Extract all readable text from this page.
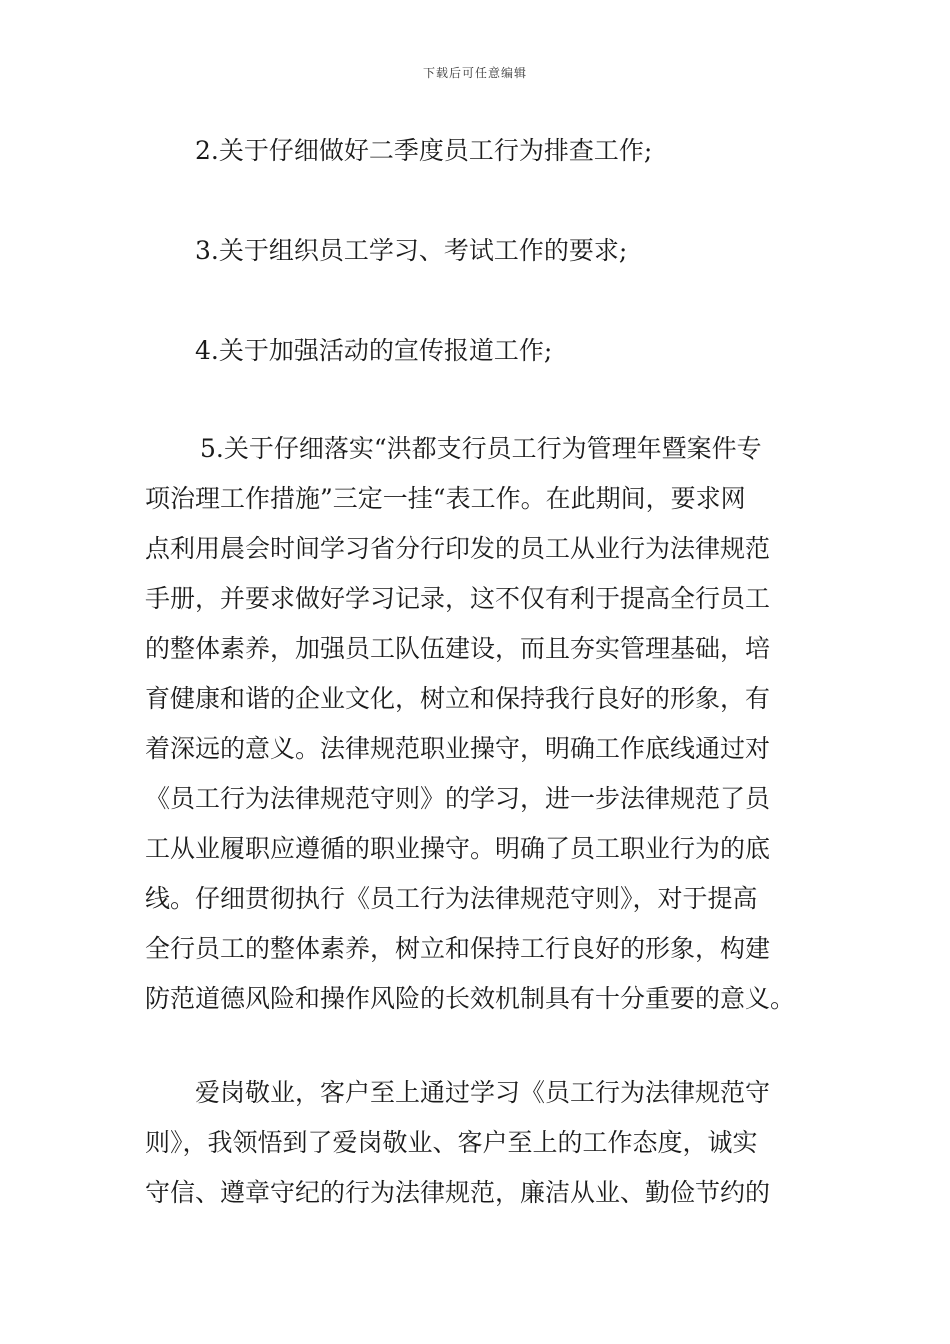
下载后可任意编辑
2.关于仔细做好二季度员工行为排查工作;
3.关于组织员工学习、考试工作的要求;
4.关于加强活动的宣传报道工作;
5.关于仔细落实“洪都支行员工行为管理年暨案件专
项治理工作措施”三定一挂“表工作。在此期间，要求网
点利用晨会时间学习省分行印发的员工从业行为法律规范
手册，并要求做好学习记录，这不仅有利于提高全行员工
的整体素养，加强员工队伍建设，而且夯实管理基础，培
育健康和谐的企业文化，树立和保持我行良好的形象，有
着深远的意义。法律规范职业操守，明确工作底线通过对
《员工行为法律规范守则》的学习，进一步法律规范了员
工从业履职应遵循的职业操守。明确了员工职业行为的底
线。仔细贯彻执行《员工行为法律规范守则》，对于提高
全行员工的整体素养，树立和保持工行良好的形象，构建
防范道德风险和操作风险的长效机制具有十分重要的意义。
爱岗敬业，客户至上通过学习《员工行为法律规范守
则》，我领悟到了爱岗敬业、客户至上的工作态度，诚实
守信、遵章守纪的行为法律规范，廉洁从业、勤俭节约的
